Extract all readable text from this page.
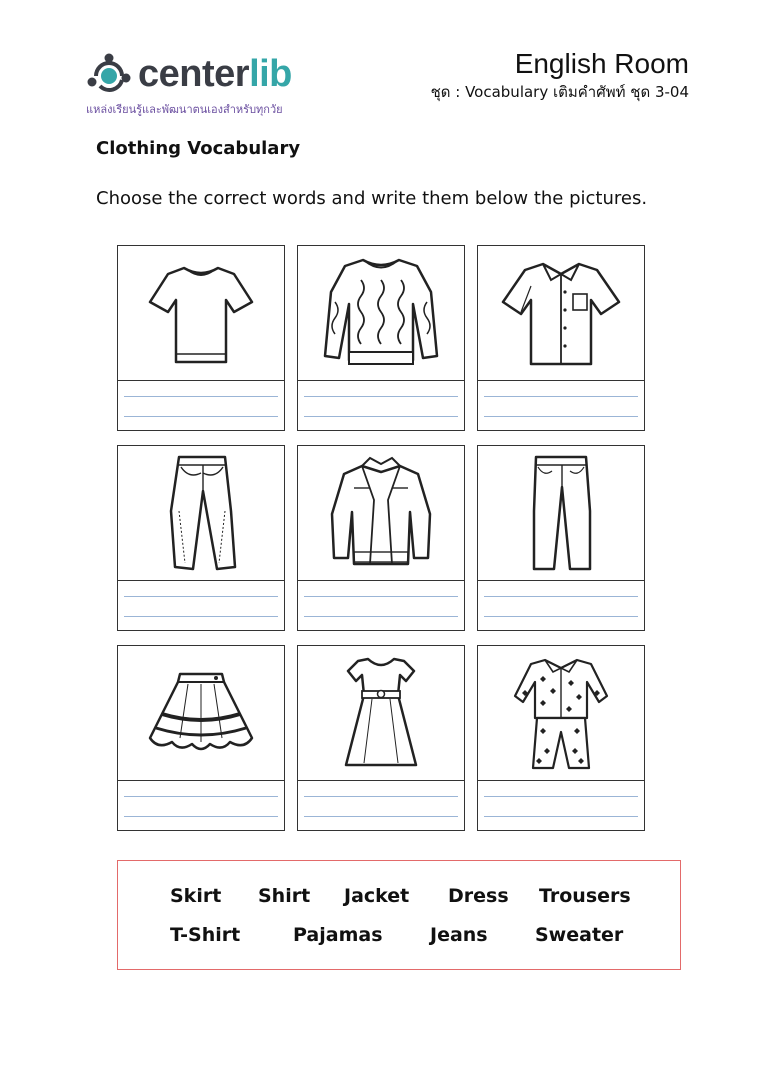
centerlib
แหล่งเรียนรู้และพัฒนาตนเองสำหรับทุกวัย
English Room
ชุด : Vocabulary เติมคำศัพท์ ชุด 3-04
Clothing Vocabulary
Choose the correct words and write them below the pictures.
Skirt Shirt Jacket Dress Trousers
T-Shirt	Pajamas	Jeans Sweater
